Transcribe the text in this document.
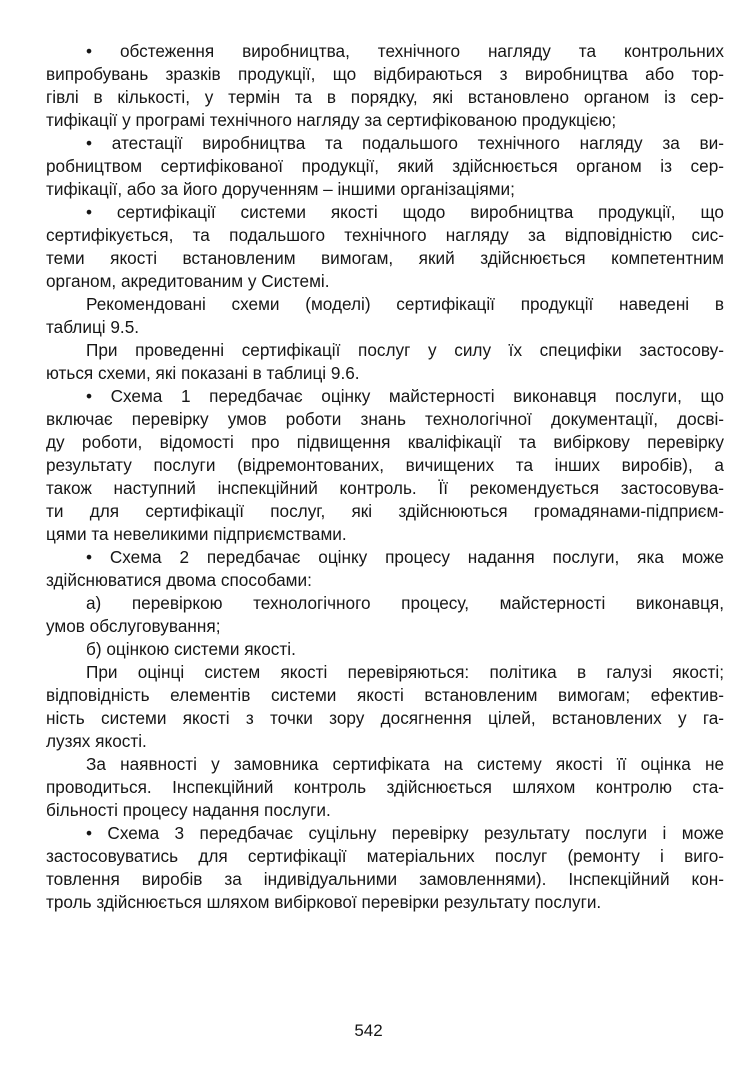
• обстеження виробництва, технічного нагляду та контрольних
випробувань зразків продукції, що відбираються з виробництва або тор-
гівлі в кількості, у термін та в порядку, які встановлено органом із сер-
тифікації у програмі технічного нагляду за сертифікованою продукцією;
• атестації виробництва та подальшого технічного нагляду за ви-
робництвом сертифікованої продукції, який здійснюється органом із сер-
тифікації, або за його дорученням – іншими організаціями;
• сертифікації системи якості щодо виробництва продукції, що
сертифікується, та подальшого технічного нагляду за відповідністю сис-
теми якості встановленим вимогам, який здійснюється компетентним
органом, акредитованим у Системі.
Рекомендовані схеми (моделі) сертифікації продукції наведені в
таблиці 9.5.
При проведенні сертифікації послуг у силу їх специфіки застосову-
ються схеми, які показані в таблиці 9.6.
• Схема 1 передбачає оцінку майстерності виконавця послуги, що
включає перевірку умов роботи знань технологічної документації, досві-
ду роботи, відомості про підвищення кваліфікації та вибіркову перевірку
результату послуги (відремонтованих, вичищених та інших виробів), а
також наступний інспекційний контроль. Її рекомендується застосовува-
ти для сертифікації послуг, які здійснюються громадянами-підприєм-
цями та невеликими підприємствами.
• Схема 2 передбачає оцінку процесу надання послуги, яка може
здійснюватися двома способами:
а) перевіркою технологічного процесу, майстерності виконавця,
умов обслуговування;
б) оцінкою системи якості.
При оцінці систем якості перевіряються: політика в галузі якості;
відповідність елементів системи якості встановленим вимогам; ефектив-
ність системи якості з точки зору досягнення цілей, встановлених у га-
лузях якості.
За наявності у замовника сертифіката на систему якості її оцінка не
проводиться. Інспекційний контроль здійснюється шляхом контролю ста-
більності процесу надання послуги.
• Схема 3 передбачає суцільну перевірку результату послуги і може
застосовуватись для сертифікації матеріальних послуг (ремонту і виго-
товлення виробів за індивідуальними замовленнями). Інспекційний кон-
троль здійснюється шляхом вибіркової перевірки результату послуги.
542
